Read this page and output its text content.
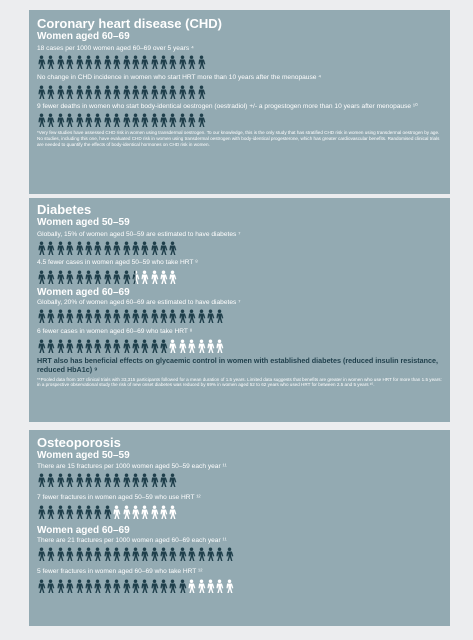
Coronary heart disease (CHD)
Women aged 60–69
18 cases per 1000 women aged 60–69 over 5 years ⁴
No change in CHD incidence in women who start HRT more than 10 years after the menopause ⁴
9 fewer deaths in women who start body-identical oestrogen (oestradiol) +/- a progestogen more than 10 years after menopause ¹⁰
*Very few studies have assessed CHD risk in women using transdermal oestrogen. To our knowledge, this is the only study that has stratified CHD risk in women using transdermal oestrogen by age. No studies, including this one, have evaluated CHD risk in women using transdermal oestrogen with body-identical progesterone, which has greater cardiovascular benefits. Randomised clinical trials are needed to quantify the effects of body-identical hormones on CHD risk in women.
Diabetes
Women aged 50–59
Globally, 15% of women aged 50–59 are estimated to have diabetes ⁷
4.5 fewer cases in women aged 50–59 who take HRT ⁸
Women aged 60–69
Globally, 20% of women aged 60–69 are estimated to have diabetes ⁷
6 fewer cases in women aged 60–69 who take HRT ⁸
HRT also has beneficial effects on glycaemic control in women with established diabetes (reduced insulin resistance, reduced HbA1c) ⁹
**Pooled data from 107 clinical trials with 33,315 participants followed for a mean duration of 1.5 years. Limited data suggests that benefits are greater in women who use HRT for more than 1.5 years: in a prospective observational study the risk of new onset diabetes was reduced by 69% in women aged 52 to 62 years who used HRT for between 2.5 and 5 years ¹⁰.
Osteoporosis
Women aged 50–59
There are 15 fractures per 1000 women aged 50–59 each year ¹¹
7 fewer fractures in women aged 50–59 who use HRT ¹²
Women aged 60–69
There are 21 fractures per 1000 women aged 60–69 each year ¹¹
5 fewer fractures in women aged 60–69 who take HRT ¹²
